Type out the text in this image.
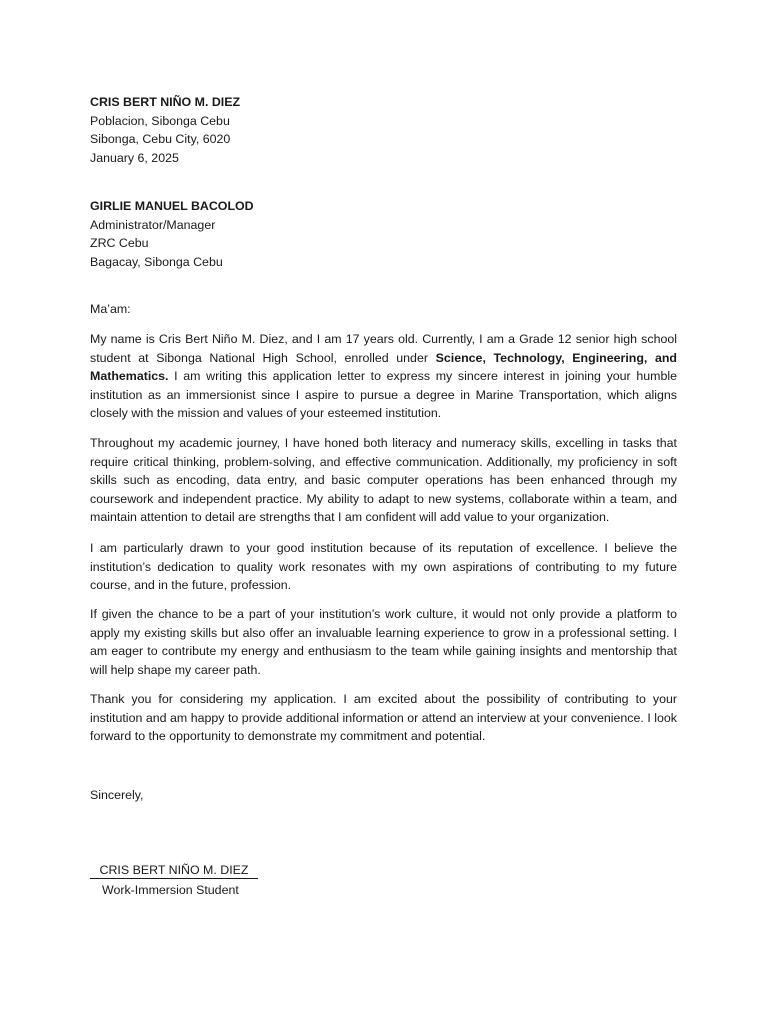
CRIS BERT NIÑO M. DIEZ
Poblacion, Sibonga Cebu
Sibonga, Cebu City, 6020
January 6, 2025
GIRLIE MANUEL BACOLOD
Administrator/Manager
ZRC Cebu
Bagacay, Sibonga Cebu
Ma’am:

My name is Cris Bert Niño M. Diez, and I am 17 years old. Currently, I am a Grade 12 senior high school student at Sibonga National High School, enrolled under Science, Technology, Engineering, and Mathematics. I am writing this application letter to express my sincere interest in joining your humble institution as an immersionist since I aspire to pursue a degree in Marine Transportation, which aligns closely with the mission and values of your esteemed institution.

Throughout my academic journey, I have honed both literacy and numeracy skills, excelling in tasks that require critical thinking, problem-solving, and effective communication. Additionally, my proficiency in soft skills such as encoding, data entry, and basic computer operations has been enhanced through my coursework and independent practice. My ability to adapt to new systems, collaborate within a team, and maintain attention to detail are strengths that I am confident will add value to your organization.

I am particularly drawn to your good institution because of its reputation of excellence. I believe the institution’s dedication to quality work resonates with my own aspirations of contributing to my future course, and in the future, profession.

If given the chance to be a part of your institution’s work culture, it would not only provide a platform to apply my existing skills but also offer an invaluable learning experience to grow in a professional setting. I am eager to contribute my energy and enthusiasm to the team while gaining insights and mentorship that will help shape my career path.

Thank you for considering my application. I am excited about the possibility of contributing to your institution and am happy to provide additional information or attend an interview at your convenience. I look forward to the opportunity to demonstrate my commitment and potential.

Sincerely,
CRIS BERT NIÑO M. DIEZ
Work-Immersion Student
